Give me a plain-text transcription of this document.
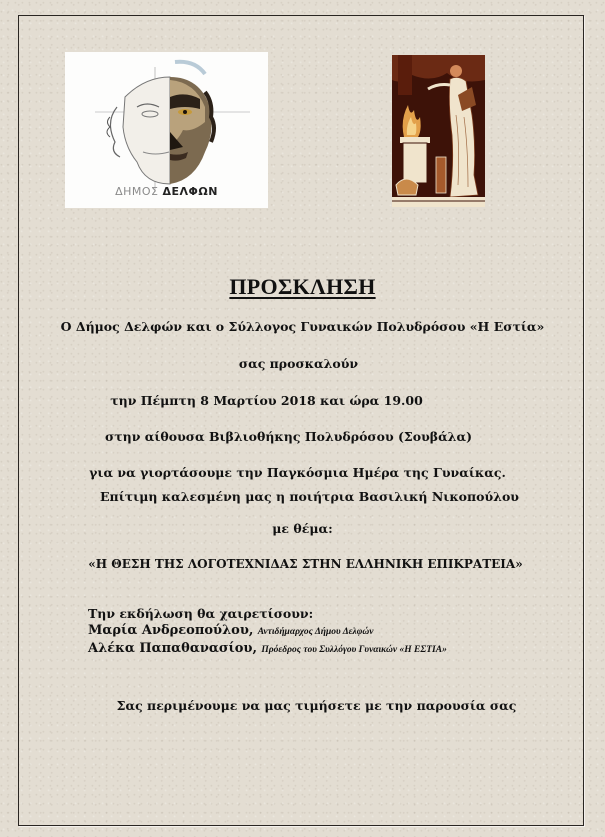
ΔΗΜΟΣ ΔΕΛΦΩΝ
ΠΡΟΣΚΛΗΣΗ
Ο Δήμος Δελφών και ο Σύλλογος Γυναικών Πολυδρόσου «Η Εστία»
σας προσκαλούν
την Πέμπτη 8 Μαρτίου 2018 και ώρα 19.00
στην αίθουσα Βιβλιοθήκης Πολυδρόσου (Σουβάλα)
για να γιορτάσουμε την Παγκόσμια Ημέρα της Γυναίκας.
Επίτιμη καλεσμένη μας η ποιήτρια Βασιλική Νικοπούλου
με θέμα:
«Η ΘΕΣΗ ΤΗΣ ΛΟΓΟΤΕΧΝΙΔΑΣ ΣΤΗΝ ΕΛΛΗΝΙΚΗ ΕΠΙΚΡΑΤΕΙΑ»
Την εκδήλωση θα χαιρετίσουν:
Μαρία Ανδρεοπούλου, Αντιδήμαρχος Δήμου Δελφών
Αλέκα Παπαθανασίου, Πρόεδρος του Συλλόγου Γυναικών «Η ΕΣΤΙΑ»
Σας περιμένουμε να μας τιμήσετε με την παρουσία σας
